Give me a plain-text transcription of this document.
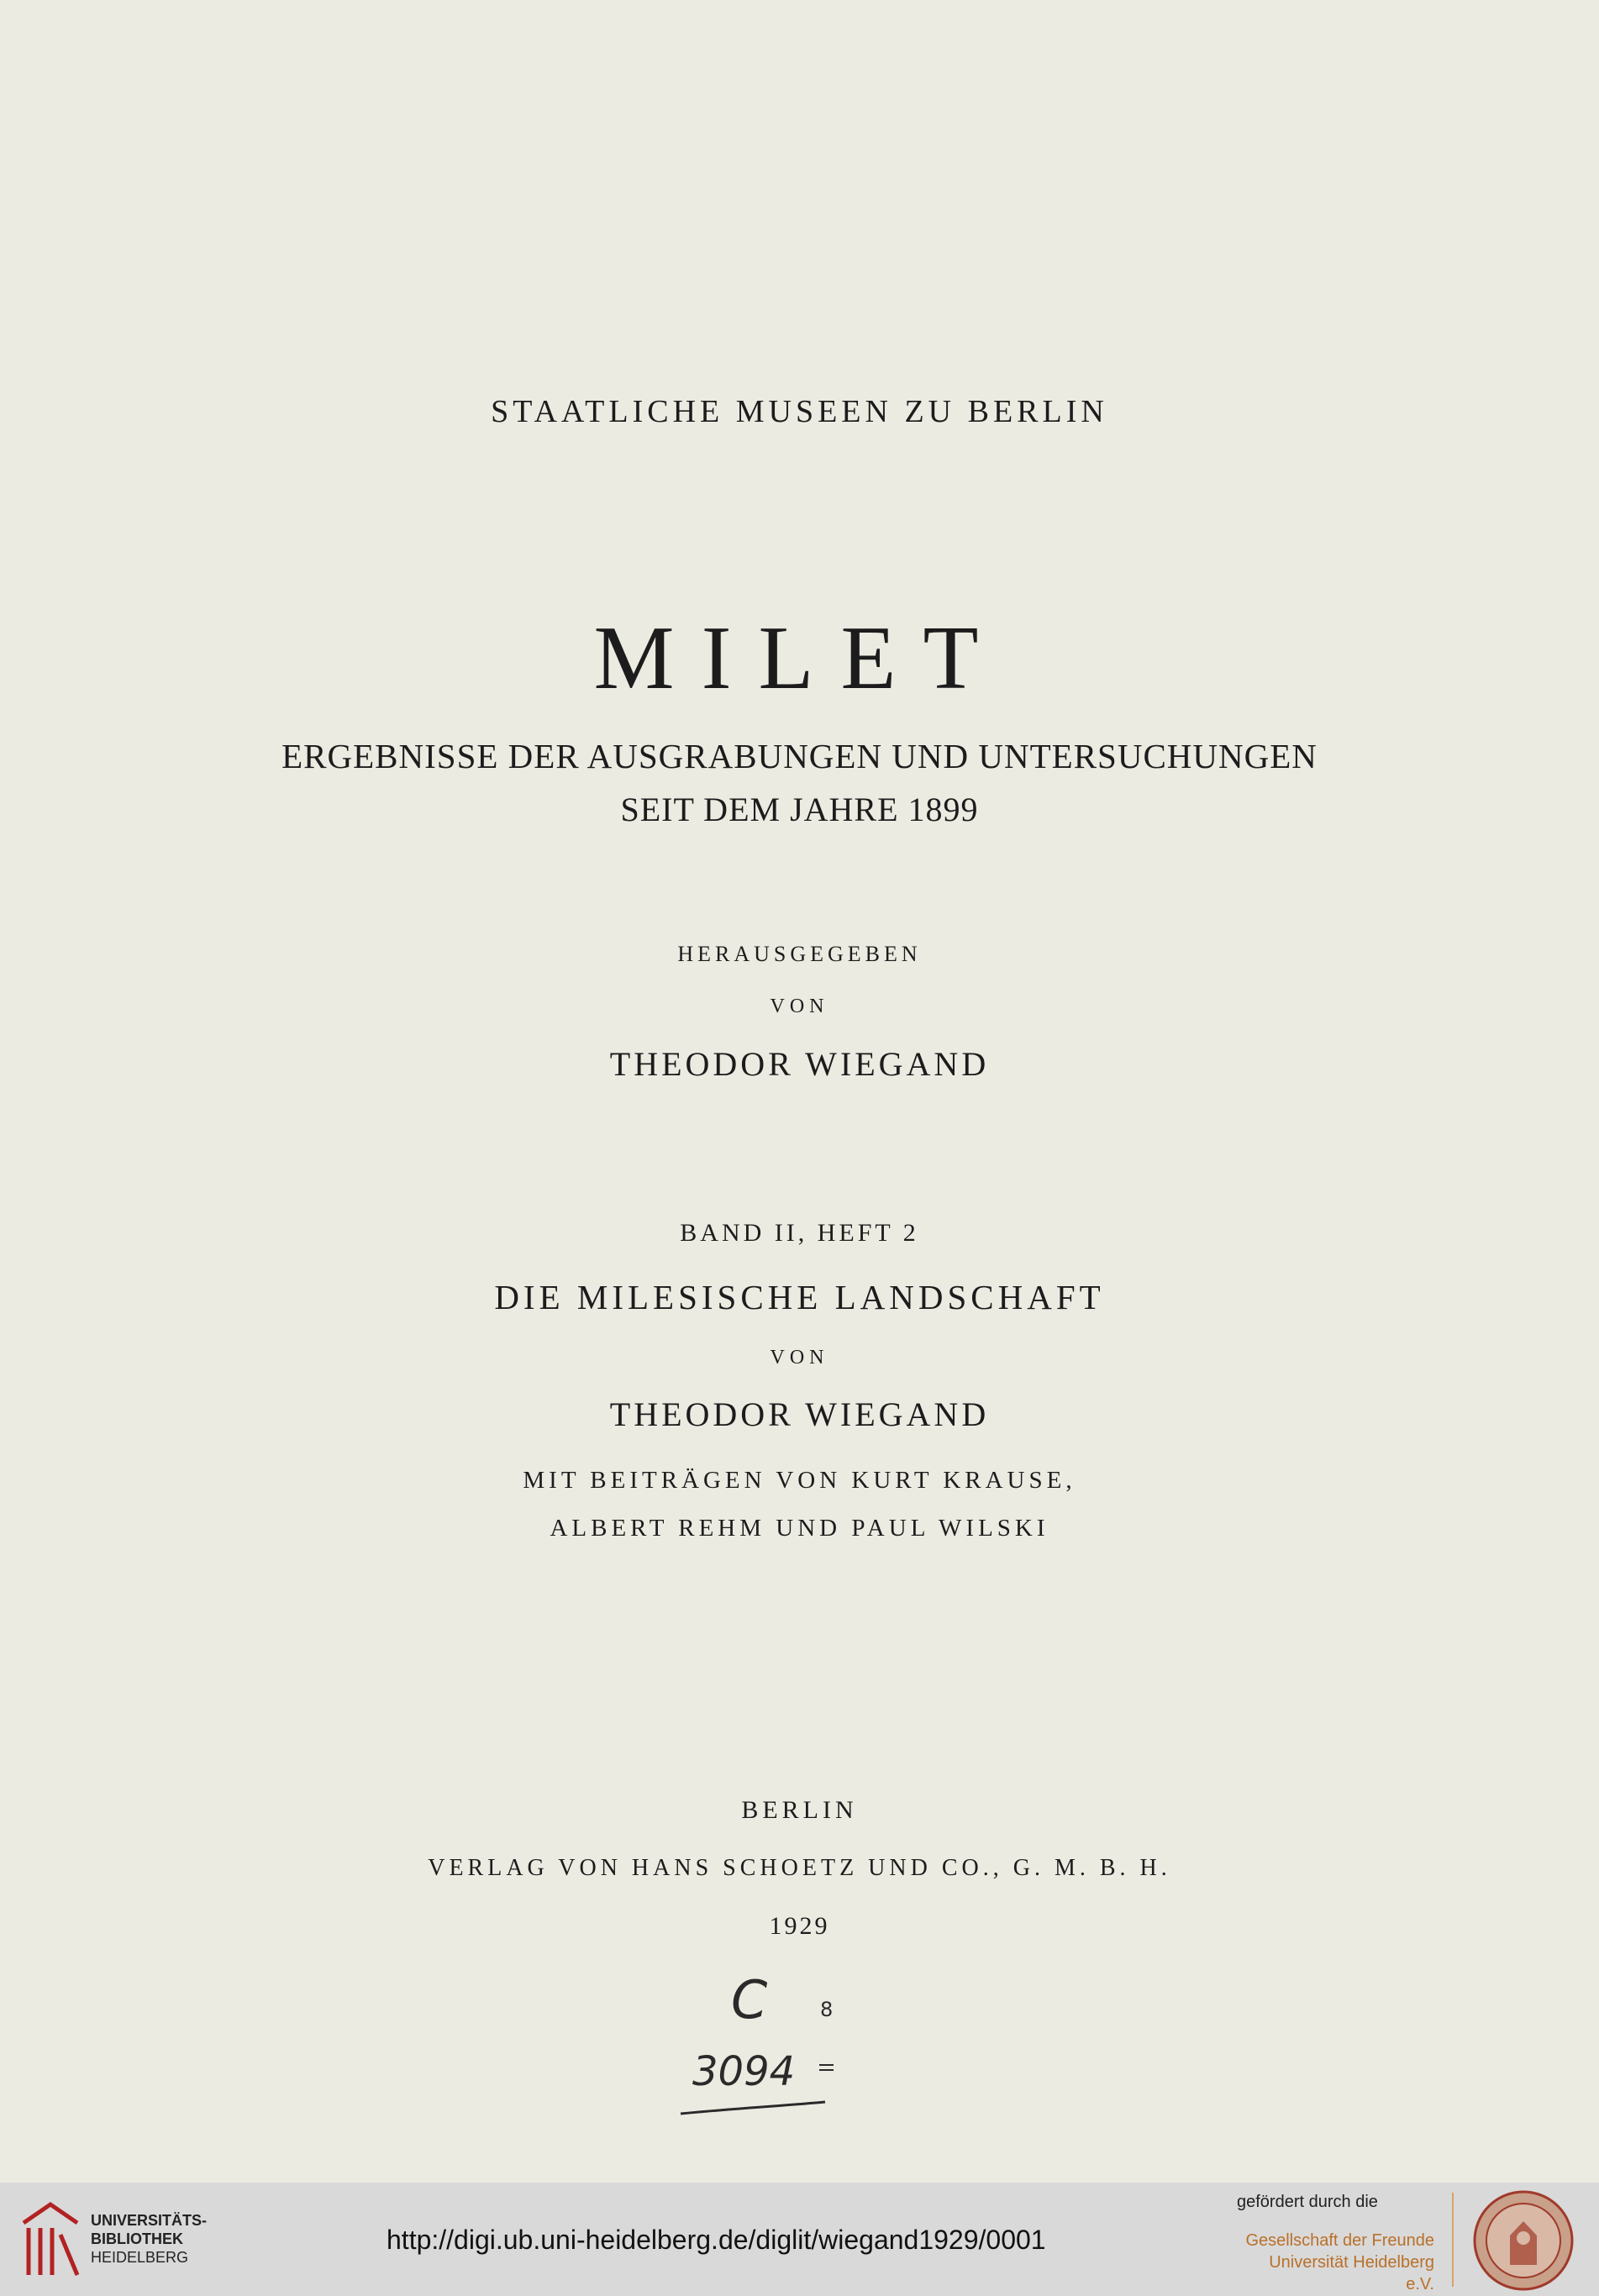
STAATLICHE MUSEEN ZU BERLIN
MILET
ERGEBNISSE DER AUSGRABUNGEN UND UNTERSUCHUNGEN
SEIT DEM JAHRE 1899
HERAUSGEGEBEN
VON
THEODOR WIEGAND
BAND II, HEFT 2
DIE MILESISCHE LANDSCHAFT
VON
THEODOR WIEGAND
MIT BEITRÄGEN VON KURT KRAUSE,
ALBERT REHM UND PAUL WILSKI
BERLIN
VERLAG VON HANS SCHOETZ UND CO., G. M. B. H.
1929
C	8
3094
UNIVERSITÄTS-
BIBLIOTHEK
HEIDELBERG
http://digi.ub.uni-heidelberg.de/diglit/wiegand1929/0001
gefördert durch die
Gesellschaft der Freunde
Universität Heidelberg e.V.
